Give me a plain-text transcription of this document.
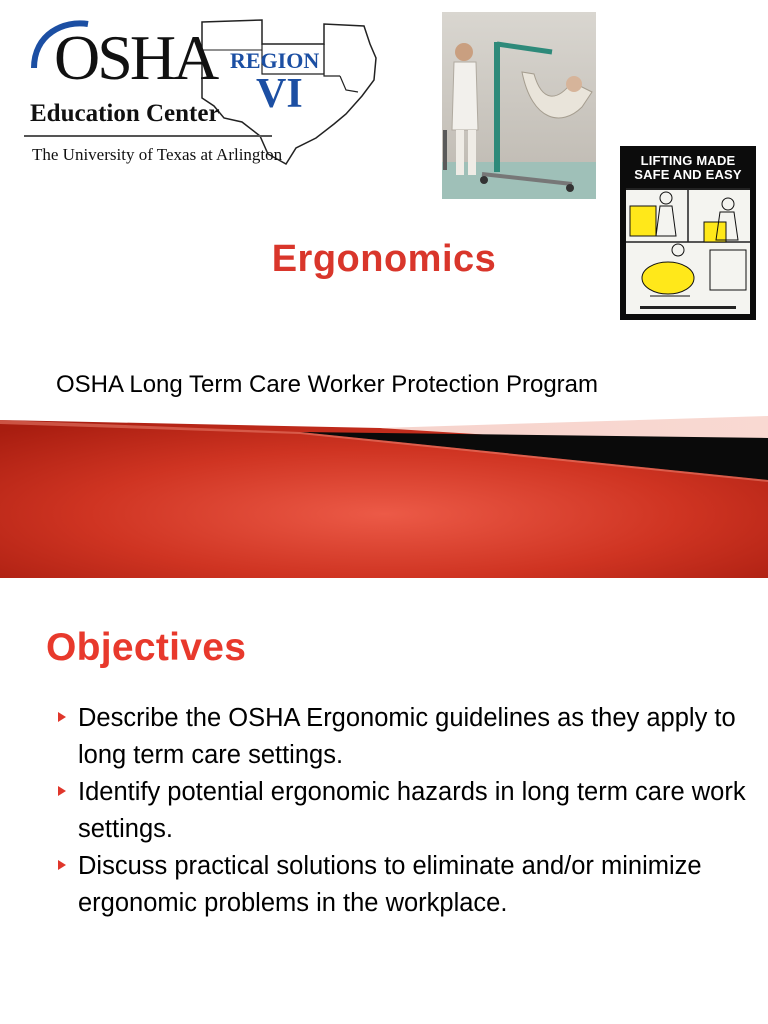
OSHA REGION
VI
Education Center
The University of Texas at Arlington	LIFTING MADE
SAFE AND EASY
Ergonomics
OSHA Long Term Care Worker Protection Program
Objectives
Describe the OSHA Ergonomic guidelines as they apply to long term care settings.
Identify potential ergonomic hazards in long term care work settings.
Discuss practical solutions to eliminate and/or minimize ergonomic problems in the workplace.
